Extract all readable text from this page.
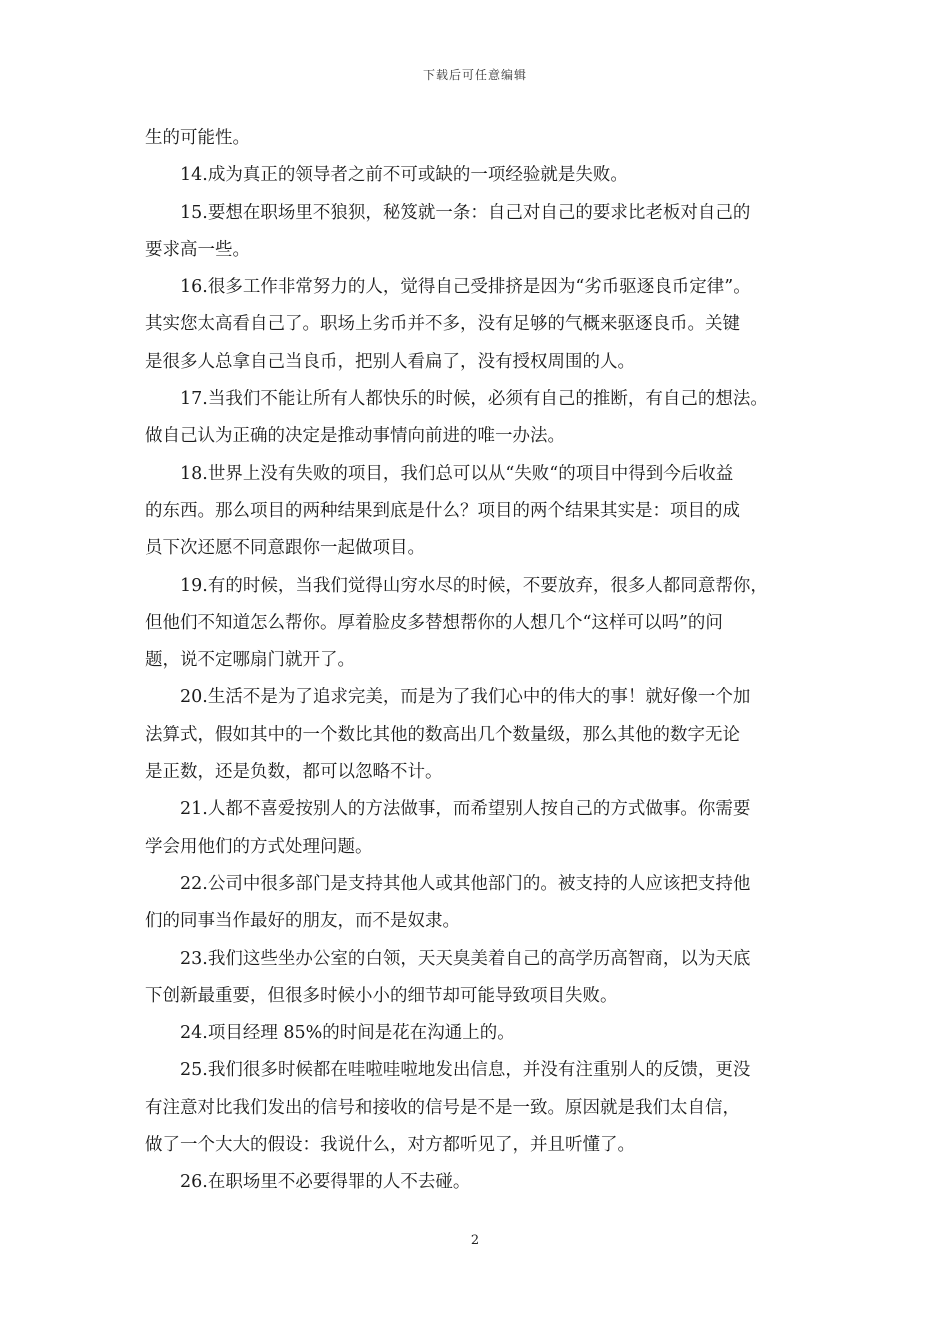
下载后可任意编辑
生的可能性。
14.成为真正的领导者之前不可或缺的一项经验就是失败。
15.要想在职场里不狼狈，秘笈就一条：自己对自己的要求比老板对自己的
要求高一些。
16.很多工作非常努力的人，觉得自己受排挤是因为“劣币驱逐良币定律”。
其实您太高看自己了。职场上劣币并不多，没有足够的气概来驱逐良币。关键
是很多人总拿自己当良币，把别人看扁了，没有授权周围的人。
17.当我们不能让所有人都快乐的时候，必须有自己的推断，有自己的想法。
做自己认为正确的决定是推动事情向前进的唯一办法。
18.世界上没有失败的项目，我们总可以从“失败“的项目中得到今后收益
的东西。那么项目的两种结果到底是什么？项目的两个结果其实是：项目的成
员下次还愿不同意跟你一起做项目。
19.有的时候，当我们觉得山穷水尽的时候，不要放弃，很多人都同意帮你，
但他们不知道怎么帮你。厚着脸皮多替想帮你的人想几个“这样可以吗”的问
题，说不定哪扇门就开了。
20.生活不是为了追求完美，而是为了我们心中的伟大的事！就好像一个加
法算式，假如其中的一个数比其他的数高出几个数量级，那么其他的数字无论
是正数，还是负数，都可以忽略不计。
21.人都不喜爱按别人的方法做事，而希望别人按自己的方式做事。你需要
学会用他们的方式处理问题。
22.公司中很多部门是支持其他人或其他部门的。被支持的人应该把支持他
们的同事当作最好的朋友，而不是奴隶。
23.我们这些坐办公室的白领，天天臭美着自己的高学历高智商，以为天底
下创新最重要，但很多时候小小的细节却可能导致项目失败。
24.项目经理 85%的时间是花在沟通上的。
25.我们很多时候都在哇啦哇啦地发出信息，并没有注重别人的反馈，更没
有注意对比我们发出的信号和接收的信号是不是一致。原因就是我们太自信，
做了一个大大的假设：我说什么，对方都听见了，并且听懂了。
26.在职场里不必要得罪的人不去碰。
2
